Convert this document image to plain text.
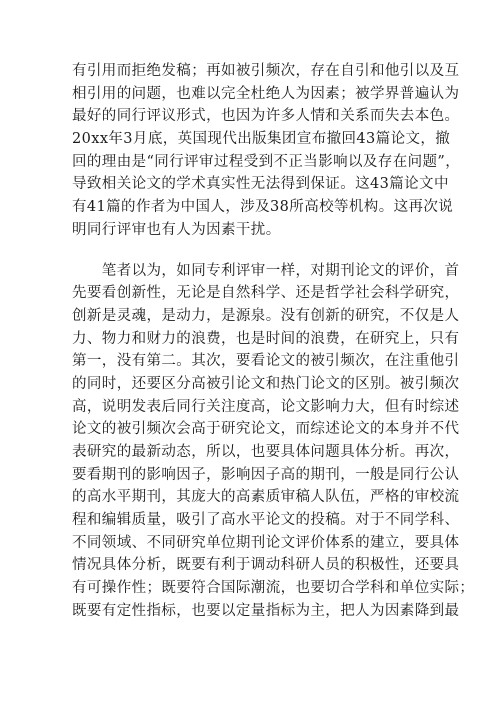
有引用而拒绝发稿；再如被引频次，存在自引和他引以及互
相引用的问题，也难以完全杜绝人为因素；被学界普遍认为
最好的同行评议形式，也因为许多人情和关系而失去本色。
20xx年3月底，英国现代出版集团宣布撤回43篇论文，撤
回的理由是“同行评审过程受到不正当影响以及存在问题”，
导致相关论文的学术真实性无法得到保证。这43篇论文中
有41篇的作者为中国人，涉及38所高校等机构。这再次说
明同行评审也有人为因素干扰。
　　笔者以为，如同专利评审一样，对期刊论文的评价，首
先要看创新性，无论是自然科学、还是哲学社会科学研究，
创新是灵魂，是动力，是源泉。没有创新的研究，不仅是人
力、物力和财力的浪费，也是时间的浪费，在研究上，只有
第一，没有第二。其次，要看论文的被引频次，在注重他引
的同时，还要区分高被引论文和热门论文的区别。被引频次
高，说明发表后同行关注度高，论文影响力大，但有时综述
论文的被引频次会高于研究论文，而综述论文的本身并不代
表研究的最新动态，所以，也要具体问题具体分析。再次，
要看期刊的影响因子，影响因子高的期刊，一般是同行公认
的高水平期刊，其庞大的高素质审稿人队伍，严格的审校流
程和编辑质量，吸引了高水平论文的投稿。对于不同学科、
不同领域、不同研究单位期刊论文评价体系的建立，要具体
情况具体分析，既要有利于调动科研人员的积极性，还要具
有可操作性；既要符合国际潮流，也要切合学科和单位实际；
既要有定性指标，也要以定量指标为主，把人为因素降到最
